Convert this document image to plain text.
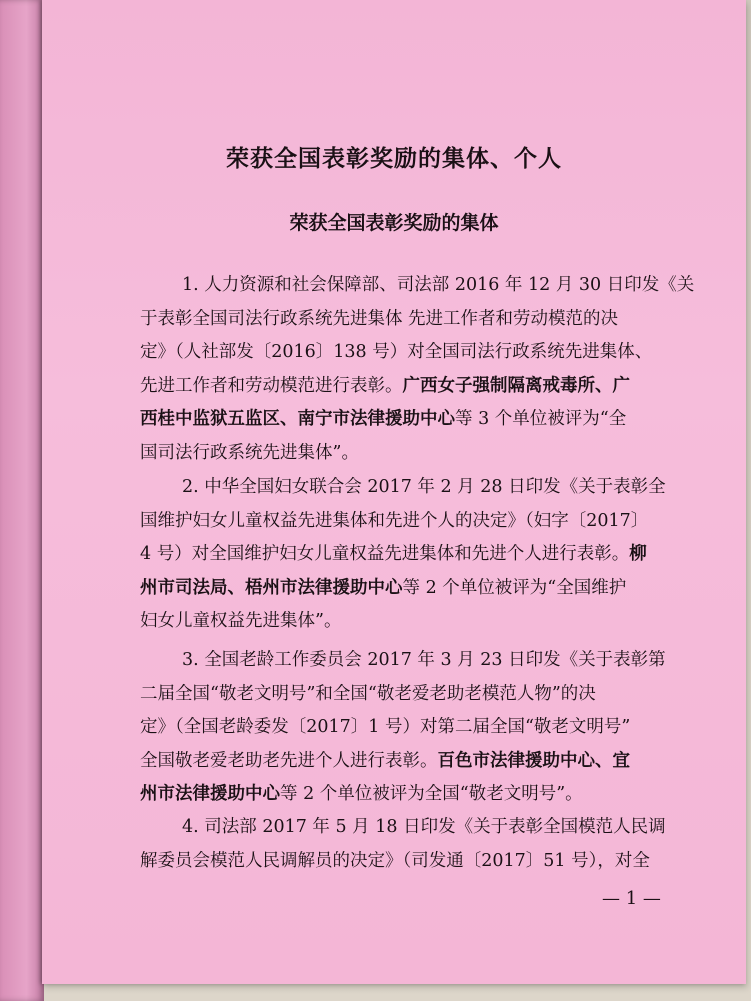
荣获全国表彰奖励的集体、个人
荣获全国表彰奖励的集体
1. 人力资源和社会保障部、司法部 2016 年 12 月 30 日印发《关
于表彰全国司法行政系统先进集体 先进工作者和劳动模范的决
定》（人社部发〔2016〕138 号）对全国司法行政系统先进集体、
先进工作者和劳动模范进行表彰。广西女子强制隔离戒毒所、广
西桂中监狱五监区、南宁市法律援助中心等 3 个单位被评为“全
国司法行政系统先进集体”。
2. 中华全国妇女联合会 2017 年 2 月 28 日印发《关于表彰全
国维护妇女儿童权益先进集体和先进个人的决定》（妇字〔2017〕
4 号）对全国维护妇女儿童权益先进集体和先进个人进行表彰。柳
州市司法局、梧州市法律援助中心等 2 个单位被评为“全国维护
妇女儿童权益先进集体”。
3. 全国老龄工作委员会 2017 年 3 月 23 日印发《关于表彰第
二届全国“敬老文明号”和全国“敬老爱老助老模范人物”的决
定》（全国老龄委发〔2017〕1 号）对第二届全国“敬老文明号”
全国敬老爱老助老先进个人进行表彰。百色市法律援助中心、宜
州市法律援助中心等 2 个单位被评为全国“敬老文明号”。
4. 司法部 2017 年 5 月 18 日印发《关于表彰全国模范人民调
解委员会模范人民调解员的决定》（司发通〔2017〕51 号），对全
— 1 —
